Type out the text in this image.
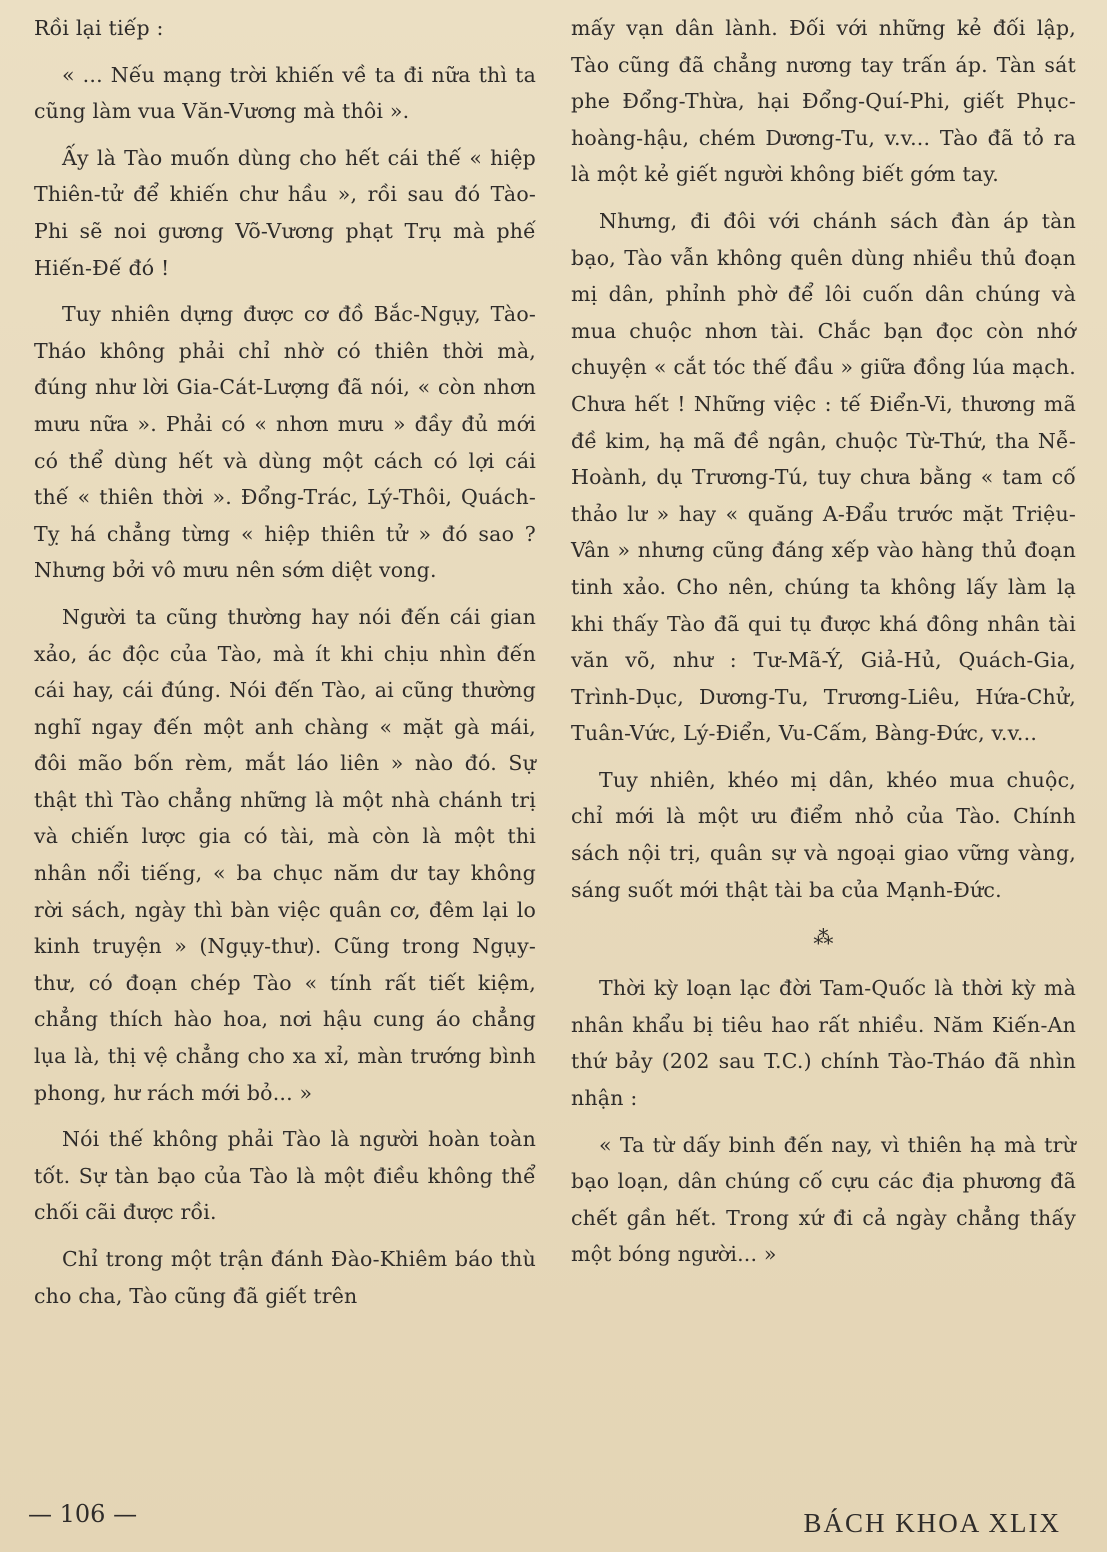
Rồi lại tiếp :

« ... Nếu mạng trời khiến về ta đi nữa thì ta cũng làm vua Văn-Vương mà thôi ».

Ấy là Tào muốn dùng cho hết cái thế « hiệp Thiên-tử để khiến chư hầu », rồi sau đó Tào-Phi sẽ noi gương Võ-Vương phạt Trụ mà phế Hiến-Đế đó !

Tuy nhiên dựng được cơ đồ Bắc-Ngụy, Tào-Tháo không phải chỉ nhờ có thiên thời mà, đúng như lời Gia-Cát-Lượng đã nói, « còn nhơn mưu nữa ». Phải có « nhơn mưu » đầy đủ mới có thể dùng hết và dùng một cách có lợi cái thế « thiên thời ». Đổng-Trác, Lý-Thôi, Quách-Tỵ há chẳng từng « hiệp thiên tử » đó sao ? Nhưng bởi vô mưu nên sớm diệt vong.

Người ta cũng thường hay nói đến cái gian xảo, ác độc của Tào, mà ít khi chịu nhìn đến cái hay, cái đúng. Nói đến Tào, ai cũng thường nghĩ ngay đến một anh chàng « mặt gà mái, đôi mão bốn rèm, mắt láo liên » nào đó. Sự thật thì Tào chẳng những là một nhà chánh trị và chiến lược gia có tài, mà còn là một thi nhân nổi tiếng, « ba chục năm dư tay không rời sách, ngày thì bàn việc quân cơ, đêm lại lo kinh truyện » (Ngụy-thư). Cũng trong Ngụy-thư, có đoạn chép Tào « tính rất tiết kiệm, chẳng thích hào hoa, nơi hậu cung áo chẳng lụa là, thị vệ chẳng cho xa xỉ, màn trướng bình phong, hư rách mới bỏ... »

Nói thế không phải Tào là người hoàn toàn tốt. Sự tàn bạo của Tào là một điều không thể chối cãi được rồi.

Chỉ trong một trận đánh Đào-Khiêm báo thù cho cha, Tào cũng đã giết trên

mấy vạn dân lành. Đối với những kẻ đối lập, Tào cũng đã chẳng nương tay trấn áp. Tàn sát phe Đổng-Thừa, hại Đổng-Quí-Phi, giết Phục-hoàng-hậu, chém Dương-Tu, v.v... Tào đã tỏ ra là một kẻ giết người không biết gớm tay.

Nhưng, đi đôi với chánh sách đàn áp tàn bạo, Tào vẫn không quên dùng nhiều thủ đoạn mị dân, phỉnh phờ để lôi cuốn dân chúng và mua chuộc nhơn tài. Chắc bạn đọc còn nhớ chuyện « cắt tóc thế đầu » giữa đồng lúa mạch. Chưa hết ! Những việc : tế Điển-Vi, thương mã đề kim, hạ mã đề ngân, chuộc Từ-Thứ, tha Nễ-Hoành, dụ Trương-Tú, tuy chưa bằng « tam cố thảo lư » hay « quăng A-Đẩu trước mặt Triệu-Vân » nhưng cũng đáng xếp vào hàng thủ đoạn tinh xảo. Cho nên, chúng ta không lấy làm lạ khi thấy Tào đã qui tụ được khá đông nhân tài văn võ, như : Tư-Mã-Ý, Giả-Hủ, Quách-Gia, Trình-Dục, Dương-Tu, Trương-Liêu, Hứa-Chử, Tuân-Vức, Lý-Điển, Vu-Cấm, Bàng-Đức, v.v...

Tuy nhiên, khéo mị dân, khéo mua chuộc, chỉ mới là một ưu điểm nhỏ của Tào. Chính sách nội trị, quân sự và ngoại giao vững vàng, sáng suốt mới thật tài ba của Mạnh-Đức.

⁂

Thời kỳ loạn lạc đời Tam-Quốc là thời kỳ mà nhân khẩu bị tiêu hao rất nhiều. Năm Kiến-An thứ bảy (202 sau T.C.) chính Tào-Tháo đã nhìn nhận :

« Ta từ dấy binh đến nay, vì thiên hạ mà trừ bạo loạn, dân chúng cố cựu các địa phương đã chết gần hết. Trong xứ đi cả ngày chẳng thấy một bóng người... »

— 106 —	BÁCH KHOA XLIX
